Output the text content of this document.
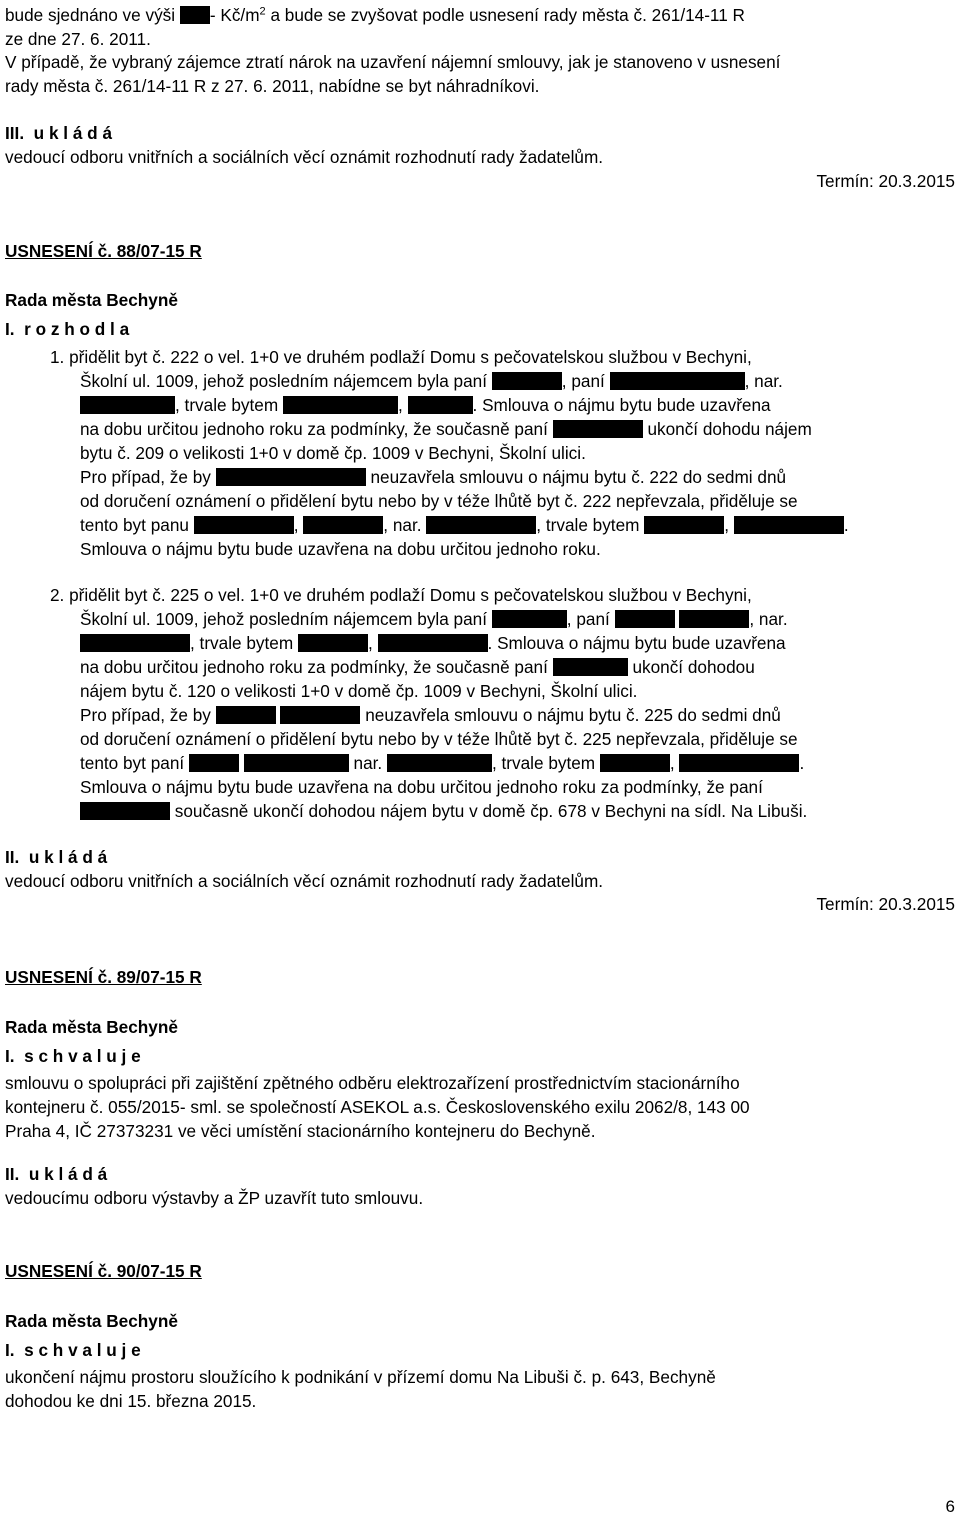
bude sjednáno ve výši - $Kč/m^2$ a bude se zvyšovat podle usnesení rady města č. 261/14-11 R
ze dne 27. 6. 2011.
V případě, že vybraný zájemce ztratí nárok na uzavření nájemní smlouvy, jak je stanoveno v usnesení
rady města č. 261/14-11 R z 27. 6. 2011, nabídne se byt náhradníkovi.
III. u k l á d á
vedoucí odboru vnitřních a sociálních věcí oznámit rozhodnutí rady žadatelům.
Termín: 20.3.2015
USNESENÍ č. 88/07-15 R
Rada města Bechyně
I. r o z h o d l a
1. přidělit byt č. 222 o vel. 1+0 ve druhém podlaží Domu s pečovatelskou službou v Bechyni,
Školní ul. 1009, jehož posledním nájemcem byla paní	, paní	, nar.
, trvale bytem	,	. Smlouva o nájmu bytu bude uzavřena
na dobu určitou jednoho roku za podmínky, že současně paní	ukončí dohodu nájem
bytu č. 209 o velikosti 1+0 v domě čp. 1009 v Bechyni, Školní ulici.
Pro případ, že by	neuzavřela smlouvu o nájmu bytu č. 222 do sedmi dnů
od doručení oznámení o přidělení bytu nebo by v téže lhůtě byt č. 222 nepřevzala, přiděluje se
tento byt panu	,	, nar.	, trvale bytem	,	.
Smlouva o nájmu bytu bude uzavřena na dobu určitou jednoho roku.
2. přidělit byt č. 225 o vel. 1+0 ve druhém podlaží Domu s pečovatelskou službou v Bechyni,
Školní ul. 1009, jehož posledním nájemcem byla paní	, paní	, nar.
, trvale bytem	,	. Smlouva o nájmu bytu bude uzavřena
na dobu určitou jednoho roku za podmínky, že současně paní	ukončí dohodou
nájem bytu č. 120 o velikosti 1+0 v domě čp. 1009 v Bechyni, Školní ulici.
Pro případ, že by	neuzavřela smlouvu o nájmu bytu č. 225 do sedmi dnů
od doručení oznámení o přidělení bytu nebo by v téže lhůtě byt č. 225 nepřevzala, přiděluje se
tento byt paní	nar.	, trvale bytem	,	.
Smlouva o nájmu bytu bude uzavřena na dobu určitou jednoho roku za podmínky, že paní
současně ukončí dohodou nájem bytu v domě čp. 678 v Bechyni na sídl. Na Libuši.
II. u k l á d á
vedoucí odboru vnitřních a sociálních věcí oznámit rozhodnutí rady žadatelům.
Termín: 20.3.2015
USNESENÍ č. 89/07-15 R
Rada města Bechyně
I. s c h v a l u j e
smlouvu o spolupráci při zajištění zpětného odběru elektrozařízení prostřednictvím stacionárního
kontejneru č. 055/2015- sml. se společností ASEKOL a.s. Československého exilu 2062/8, 143 00
Praha 4, IČ 27373231 ve věci umístění stacionárního kontejneru do Bechyně.
II. u k l á d á
vedoucímu odboru výstavby a ŽP uzavřít tuto smlouvu.
USNESENÍ č. 90/07-15 R
Rada města Bechyně
I. s c h v a l u j e
ukončení nájmu prostoru sloužícího k podnikání v přízemí domu Na Libuši č. p. 643, Bechyně
dohodou ke dni 15. března 2015.
6
